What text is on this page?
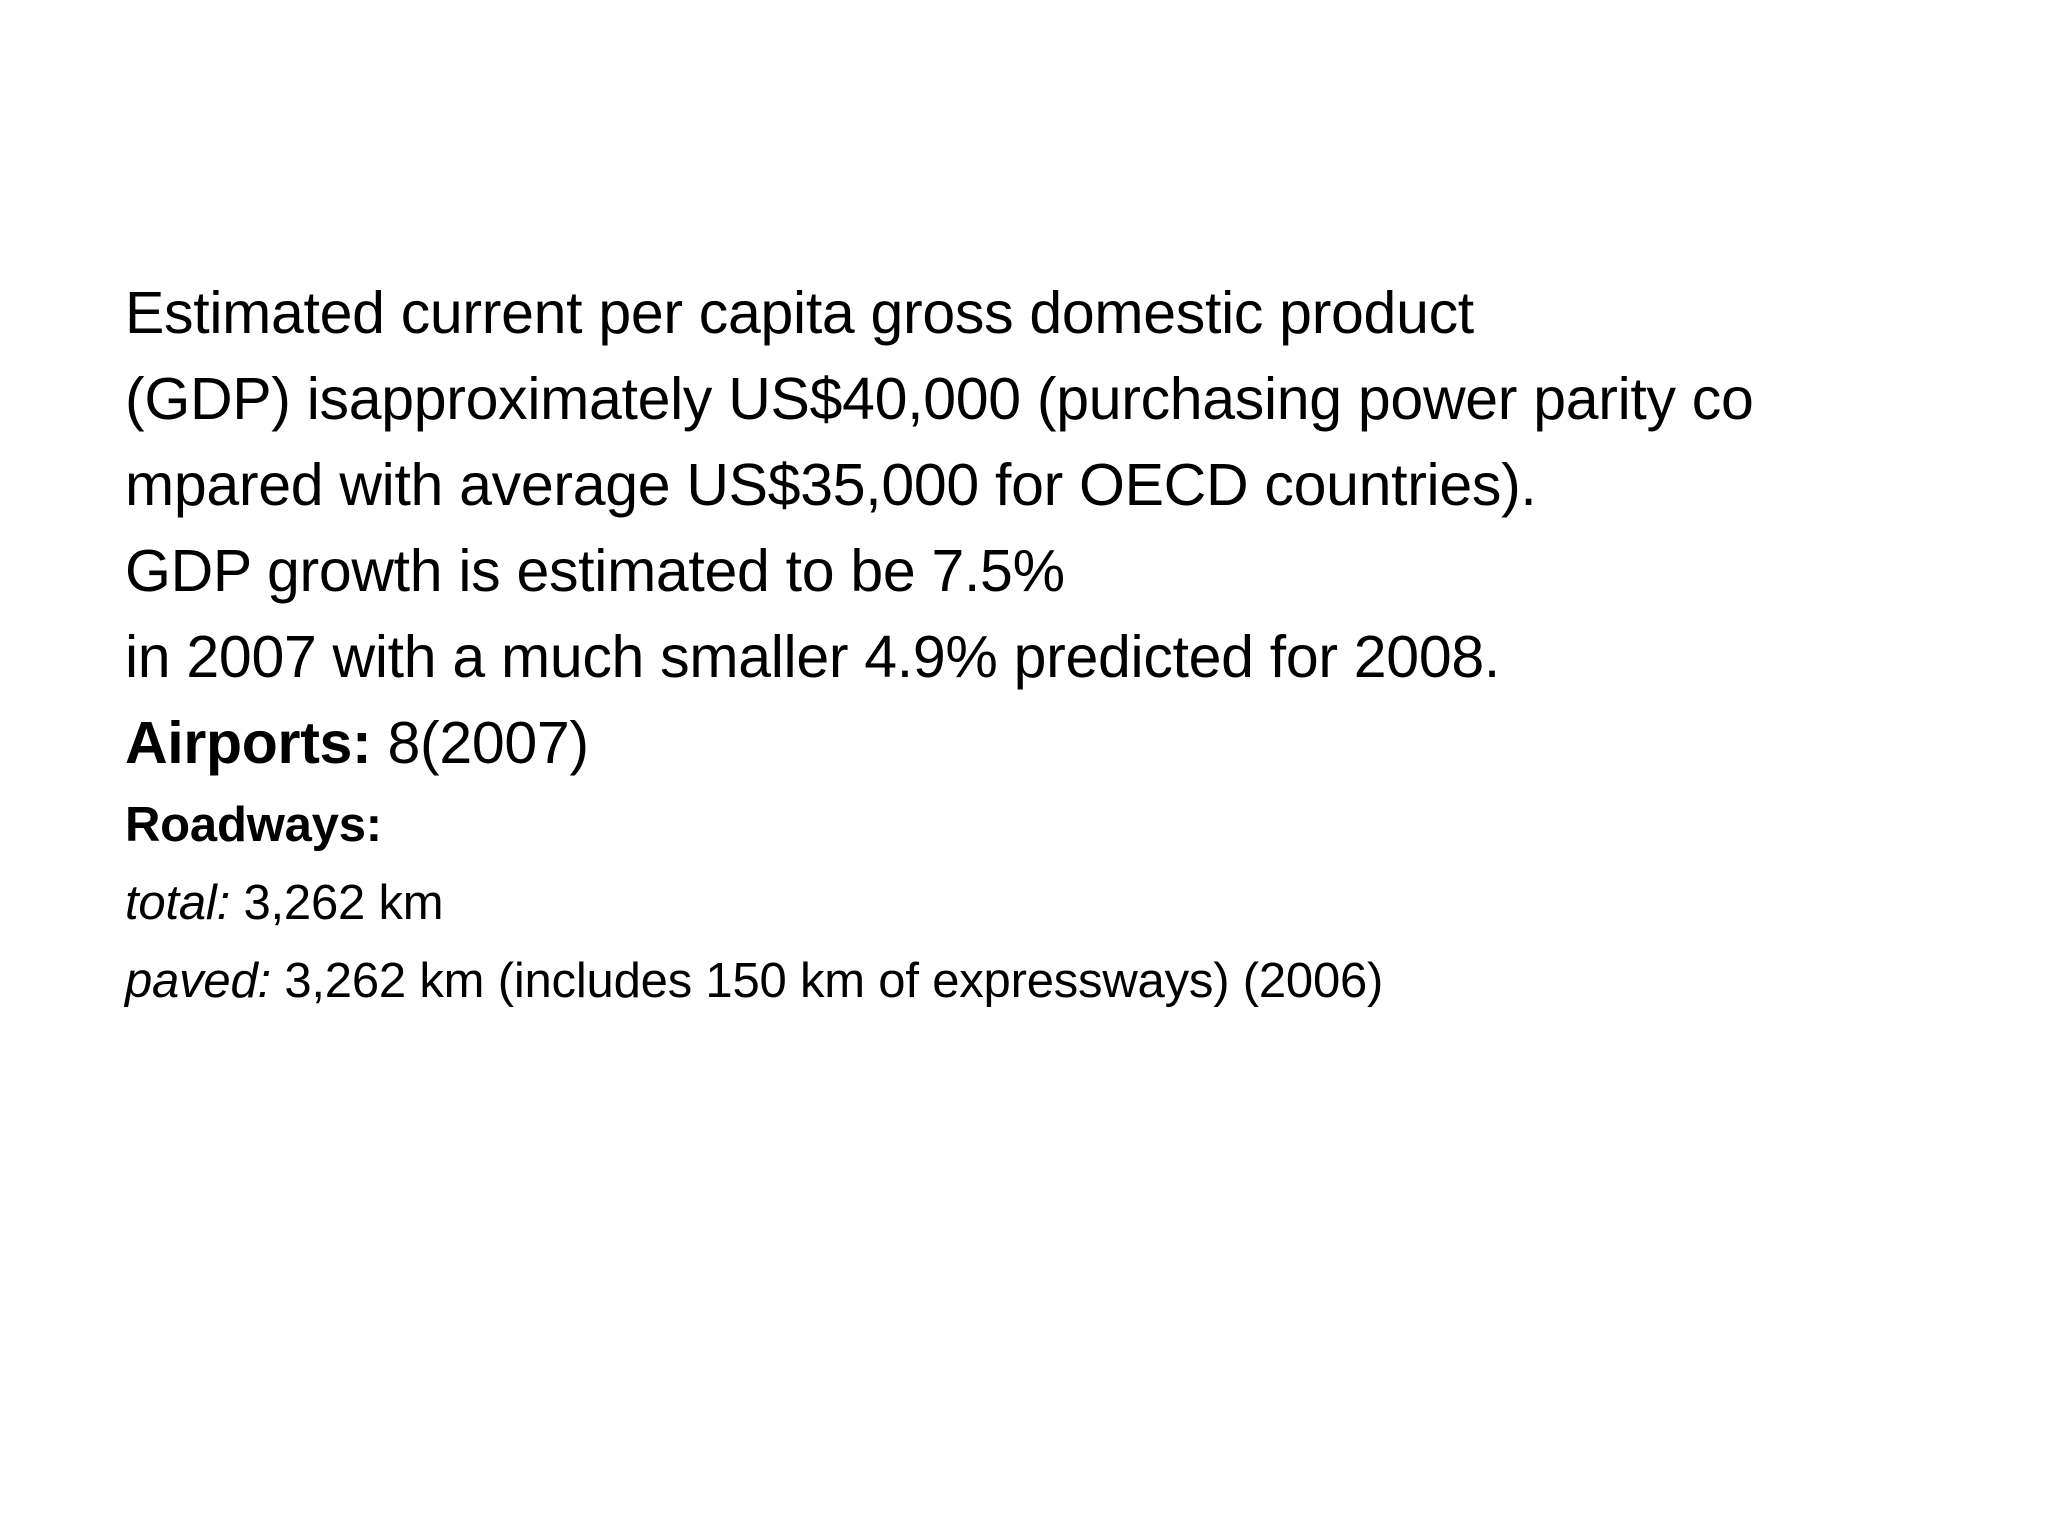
Estimated current per capita gross domestic product
(GDP) isapproximately US$40,000 (purchasing power parity co
mpared with average US$35,000 for OECD countries).
GDP growth is estimated to be 7.5%
in 2007 with a much smaller 4.9% predicted for 2008.
Airports: 8(2007)
Roadways:
total: 3,262 km
paved: 3,262 km (includes 150 km of expressways) (2006)
